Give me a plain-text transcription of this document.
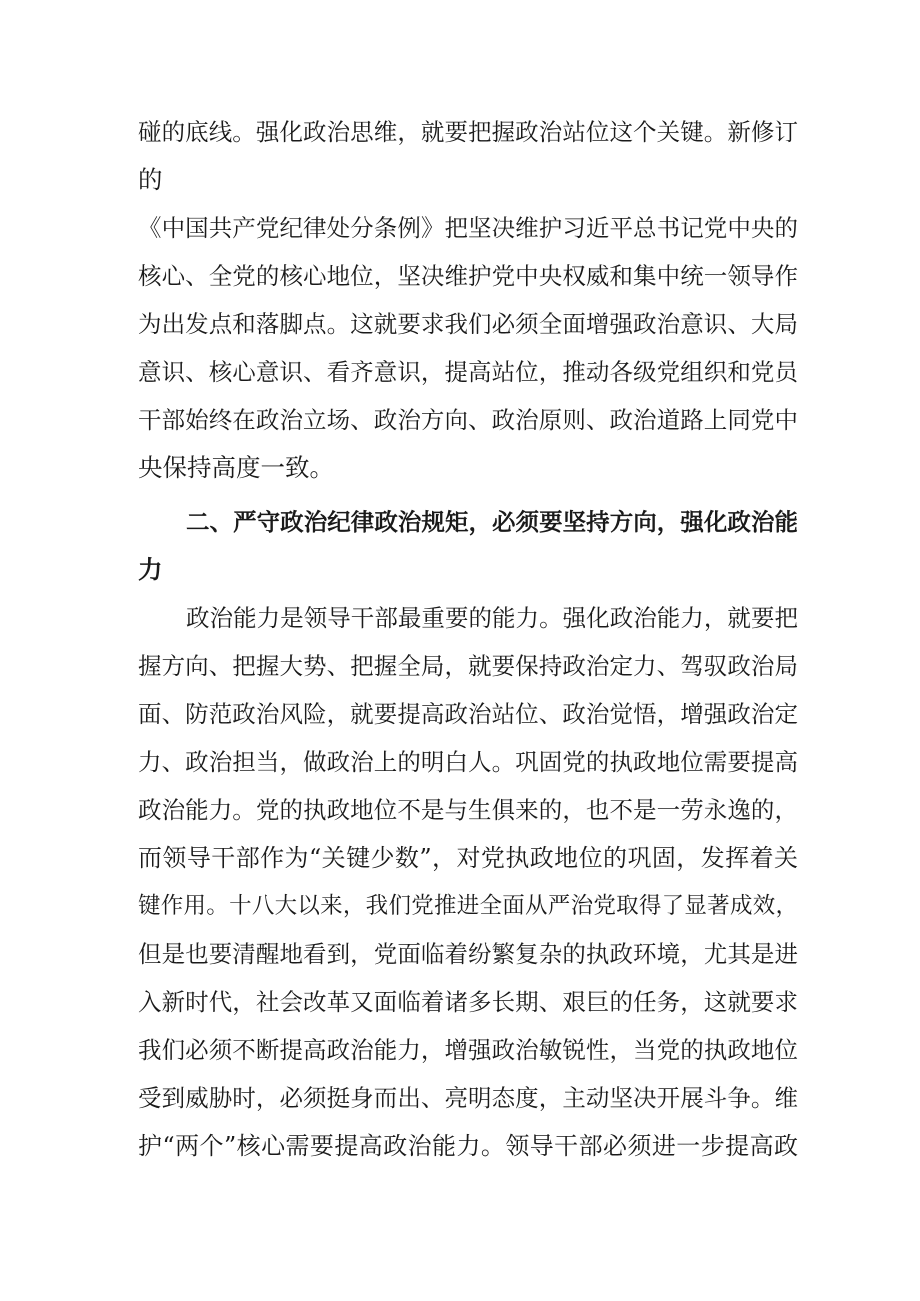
碰的底线。强化政治思维，就要把握政治站位这个关键。新修订
的
《中国共产党纪律处分条例》把坚决维护习近平总书记党中央的
核心、全党的核心地位，坚决维护党中央权威和集中统一领导作
为出发点和落脚点。这就要求我们必须全面增强政治意识、大局
意识、核心意识、看齐意识，提高站位，推动各级党组织和党员
干部始终在政治立场、政治方向、政治原则、政治道路上同党中
央保持高度一致。
二、严守政治纪律政治规矩，必须要坚持方向，强化政治能
力
政治能力是领导干部最重要的能力。强化政治能力，就要把
握方向、把握大势、把握全局，就要保持政治定力、驾驭政治局
面、防范政治风险，就要提高政治站位、政治觉悟，增强政治定
力、政治担当，做政治上的明白人。巩固党的执政地位需要提高
政治能力。党的执政地位不是与生俱来的，也不是一劳永逸的，
而领导干部作为“关键少数”，对党执政地位的巩固，发挥着关
键作用。十八大以来，我们党推进全面从严治党取得了显著成效，
但是也要清醒地看到，党面临着纷繁复杂的执政环境，尤其是进
入新时代，社会改革又面临着诸多长期、艰巨的任务，这就要求
我们必须不断提高政治能力，增强政治敏锐性，当党的执政地位
受到威胁时，必须挺身而出、亮明态度，主动坚决开展斗争。维
护“两个”核心需要提高政治能力。领导干部必须进一步提高政
